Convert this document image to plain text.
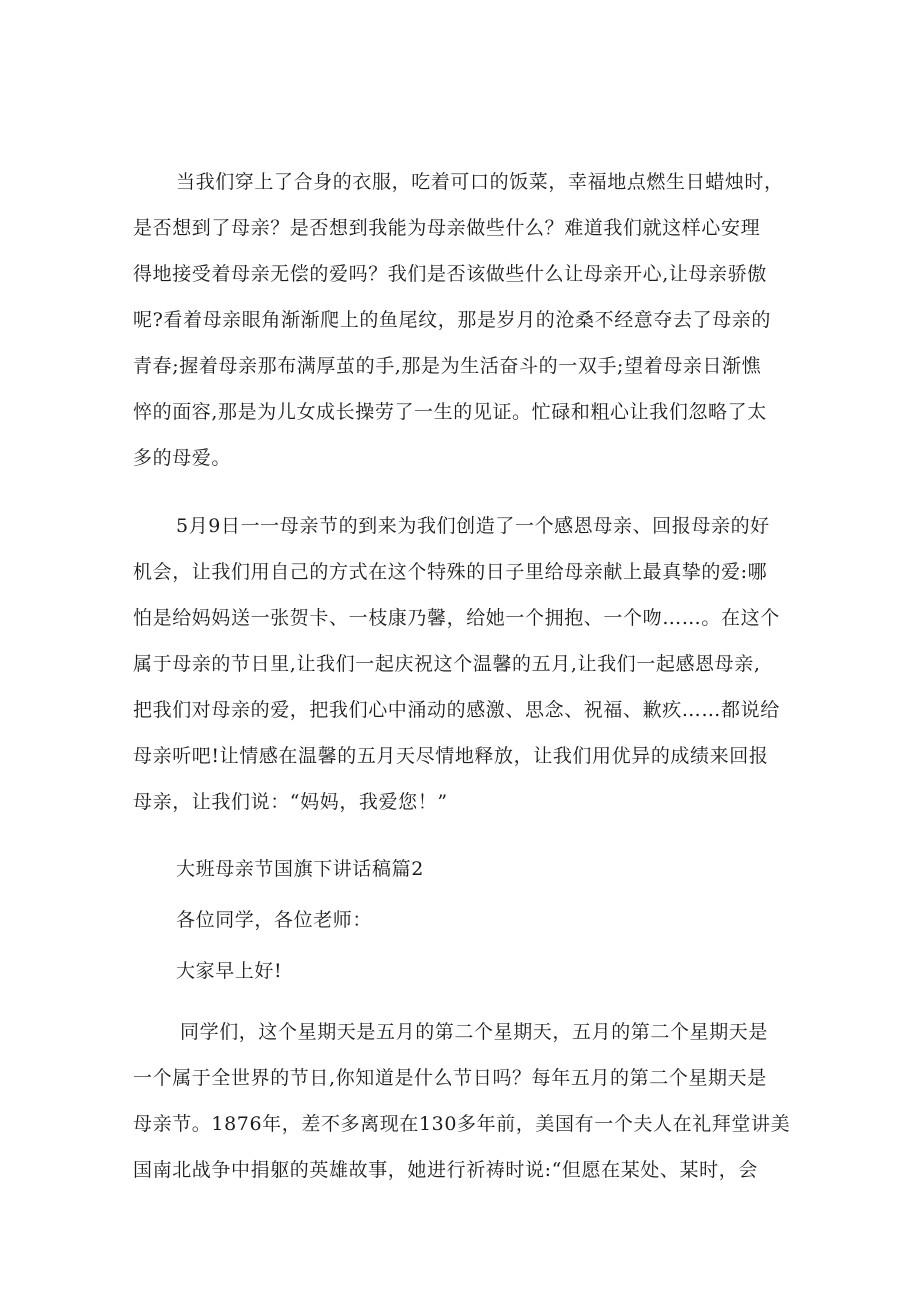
当我们穿上了合身的衣服，吃着可口的饭菜，幸福地点燃生日蜡烛时，
是否想到了母亲？是否想到我能为母亲做些什么？难道我们就这样心安理
得地接受着母亲无偿的爱吗？我们是否该做些什么让母亲开心,让母亲骄傲
呢?看着母亲眼角渐渐爬上的鱼尾纹，那是岁月的沧桑不经意夺去了母亲的
青春;握着母亲那布满厚茧的手,那是为生活奋斗的一双手;望着母亲日渐憔
悴的面容,那是为儿女成长操劳了一生的见证。忙碌和粗心让我们忽略了太
多的母爱。
5月9日一一母亲节的到来为我们创造了一个感恩母亲、回报母亲的好
机会，让我们用自己的方式在这个特殊的日子里给母亲献上最真挚的爱:哪
怕是给妈妈送一张贺卡、一枝康乃馨，给她一个拥抱、一个吻……。在这个
属于母亲的节日里,让我们一起庆祝这个温馨的五月,让我们一起感恩母亲,
把我们对母亲的爱，把我们心中涌动的感激、思念、祝福、歉疚……都说给
母亲听吧!让情感在温馨的五月天尽情地释放，让我们用优异的成绩来回报
母亲，让我们说：“妈妈，我爱您！”
大班母亲节国旗下讲话稿篇2
各位同学，各位老师：
大家早上好!
同学们，这个星期天是五月的第二个星期天，五月的第二个星期天是
一个属于全世界的节日,你知道是什么节日吗？每年五月的第二个星期天是
母亲节。1876年，差不多离现在130多年前，美国有一个夫人在礼拜堂讲美
国南北战争中捐躯的英雄故事，她进行祈祷时说:“但愿在某处、某时，会
